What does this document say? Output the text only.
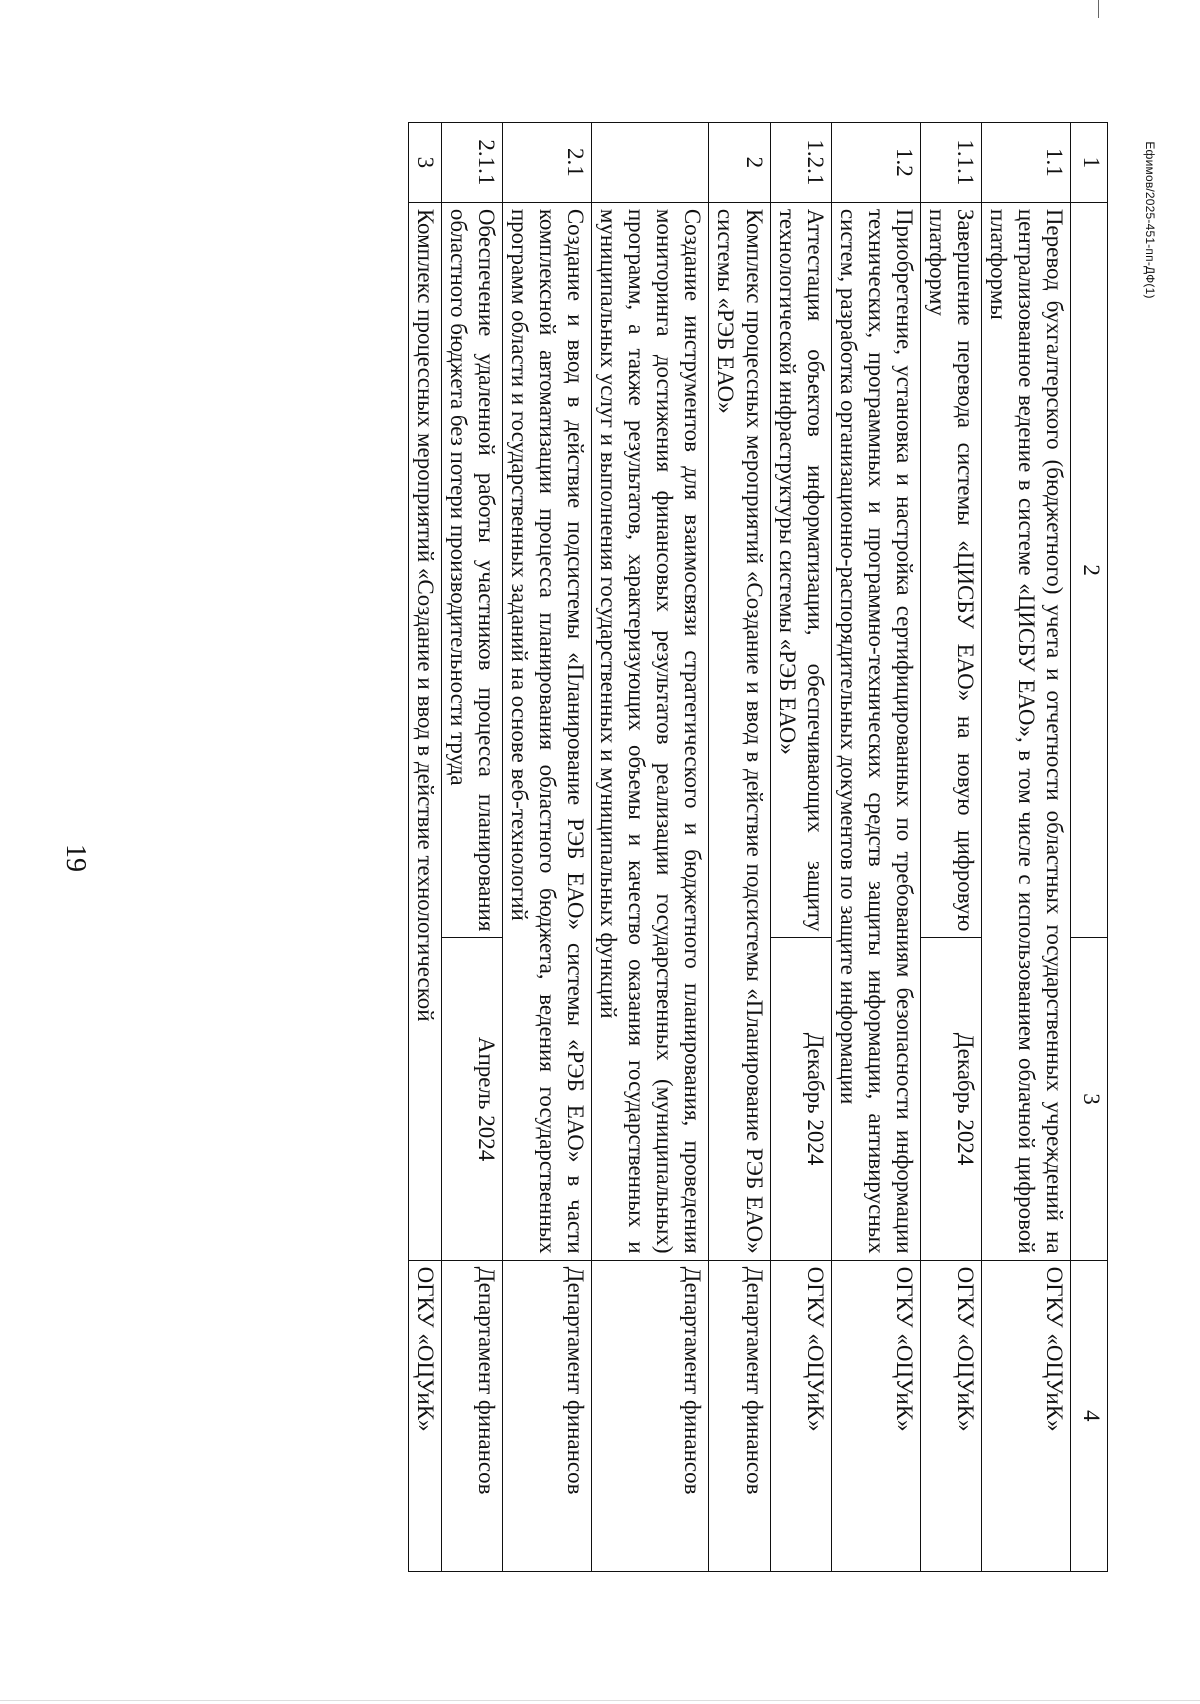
19
Ефимов/2025-451-пп-ДФ(1)
1	2	3	4
1.1	Перевод бухгалтерского (бюджетного) учета и отчетности областных государственных учреждений на централизованное ведение в системе «ЦИСБУ ЕАО», в том числе с использованием облачной цифровой платформы		ОГКУ «ОЦУиК»
1.1.1	Завершение перевода системы «ЦИСБУ ЕАО» на новую цифровую платформу	Декабрь 2024	ОГКУ «ОЦУиК»
1.2	Приобретение, установка и настройка сертифицированных по требованиям безопасности информации технических, программных и программно-технических средств защиты информации, антивирусных систем, разработка организационно-распорядительных документов по защите информации		ОГКУ «ОЦУиК»
1.2.1	Аттестация объектов информатизации, обеспечивающих защиту технологической инфраструктуры системы «РЭБ ЕАО»	Декабрь 2024	ОГКУ «ОЦУиК»
2	Комплекс процессных мероприятий «Создание и ввод в действие подсистемы «Планирование РЭБ ЕАО» системы «РЭБ ЕАО»		Департамент финансов
	Создание инструментов для взаимосвязи стратегического и бюджетного планирования, проведения мониторинга достижения финансовых результатов реализации государственных (муниципальных) программ, а также результатов, характеризующих объемы и качество оказания государственных и муниципальных услуг и выполнения государственных и муниципальных функций		Департамент финансов
2.1	Создание и ввод в действие подсистемы «Планирование РЭБ ЕАО» системы «РЭБ ЕАО» в части комплексной автоматизации процесса планирования областного бюджета, ведения государственных программ области и государственных заданий на основе веб-технологий		Департамент финансов
2.1.1	Обеспечение удаленной работы участников процесса планирования областного бюджета без потери производительности труда	Апрель 2024	Департамент финансов
3	Комплекс процессных мероприятий «Создание и ввод в действие технологической		ОГКУ «ОЦУиК»
